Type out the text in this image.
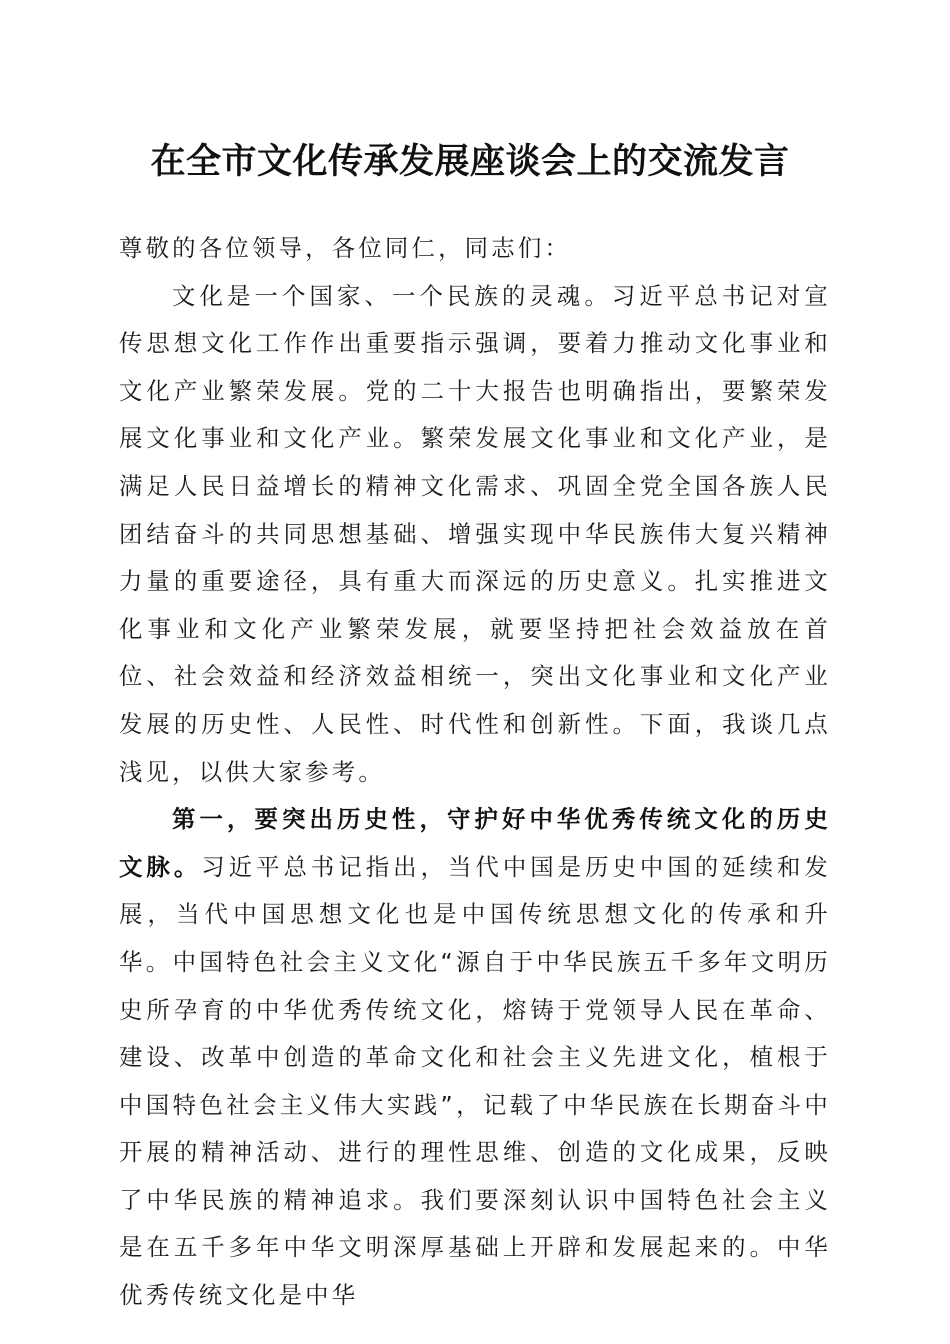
在全市文化传承发展座谈会上的交流发言

尊敬的各位领导，各位同仁，同志们：

文化是一个国家、一个民族的灵魂。习近平总书记对宣传思想文化工作作出重要指示强调，要着力推动文化事业和文化产业繁荣发展。党的二十大报告也明确指出，要繁荣发展文化事业和文化产业。繁荣发展文化事业和文化产业，是满足人民日益增长的精神文化需求、巩固全党全国各族人民团结奋斗的共同思想基础、增强实现中华民族伟大复兴精神力量的重要途径，具有重大而深远的历史意义。扎实推进文化事业和文化产业繁荣发展，就要坚持把社会效益放在首位、社会效益和经济效益相统一，突出文化事业和文化产业发展的历史性、人民性、时代性和创新性。下面，我谈几点浅见，以供大家参考。

第一，要突出历史性，守护好中华优秀传统文化的历史文脉。习近平总书记指出，当代中国是历史中国的延续和发展，当代中国思想文化也是中国传统思想文化的传承和升华。中国特色社会主义文化“源自于中华民族五千多年文明历史所孕育的中华优秀传统文化，熔铸于党领导人民在革命、建设、改革中创造的革命文化和社会主义先进文化，植根于中国特色社会主义伟大实践”，记载了中华民族在长期奋斗中开展的精神活动、进行的理性思维、创造的文化成果，反映了中华民族的精神追求。我们要深刻认识中国特色社会主义是在五千多年中华文明深厚基础上开辟和发展起来的。中华优秀传统文化是中华
